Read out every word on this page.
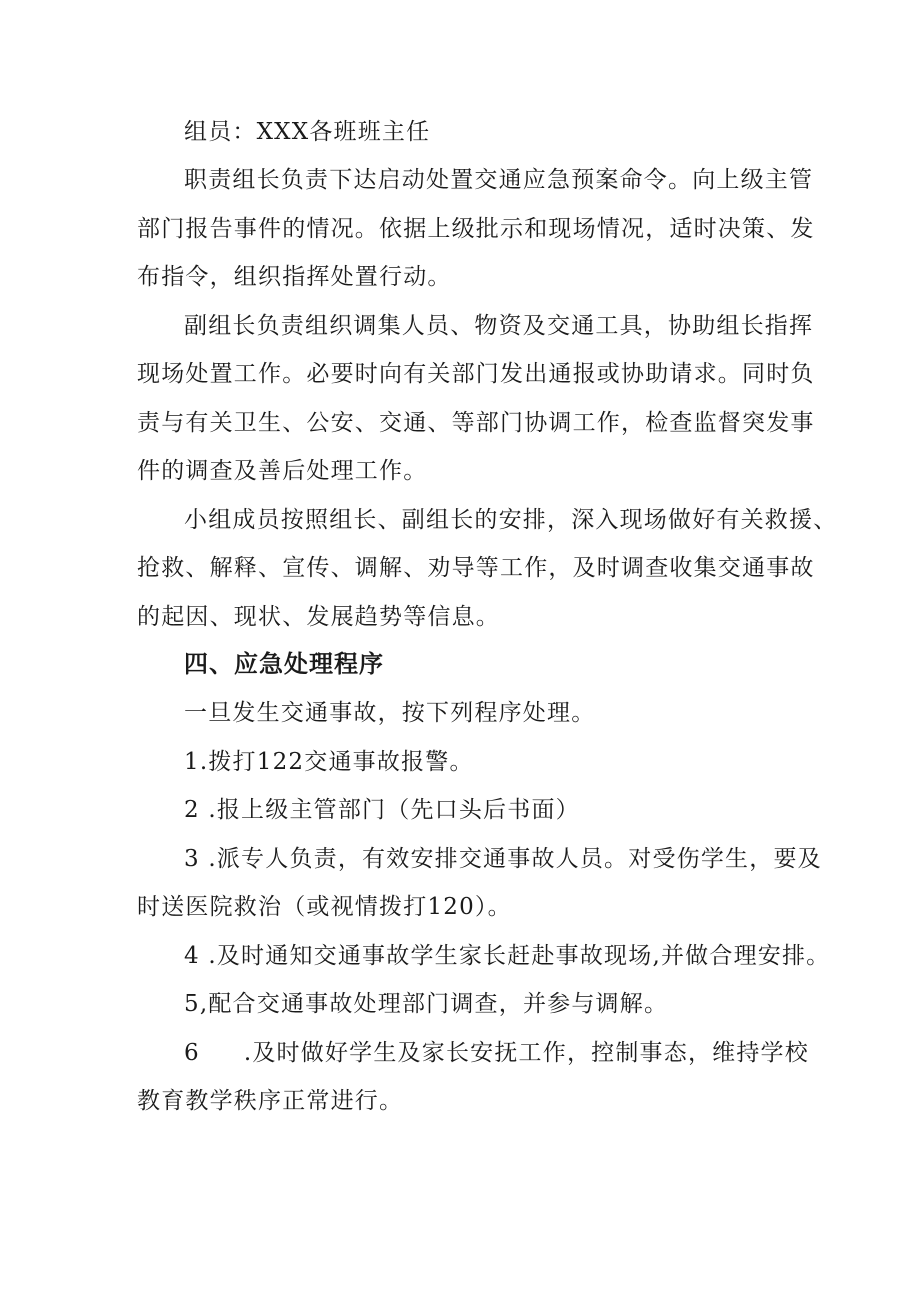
组员：XXX各班班主任
职责组长负责下达启动处置交通应急预案命令。向上级主管
部门报告事件的情况。依据上级批示和现场情况，适时决策、发
布指令，组织指挥处置行动。
副组长负责组织调集人员、物资及交通工具，协助组长指挥
现场处置工作。必要时向有关部门发出通报或协助请求。同时负
责与有关卫生、公安、交通、等部门协调工作，检查监督突发事
件的调查及善后处理工作。
小组成员按照组长、副组长的安排，深入现场做好有关救援、
抢救、解释、宣传、调解、劝导等工作，及时调查收集交通事故
的起因、现状、发展趋势等信息。
四、应急处理程序
一旦发生交通事故，按下列程序处理。
1.拨打122交通事故报警。
2 .报上级主管部门（先口头后书面）
3 .派专人负责，有效安排交通事故人员。对受伤学生，要及
时送医院救治（或视情拨打120）。
4 .及时通知交通事故学生家长赶赴事故现场,并做合理安排。
5,配合交通事故处理部门调查，并参与调解。
6 .及时做好学生及家长安抚工作，控制事态，维持学校
教育教学秩序正常进行。
